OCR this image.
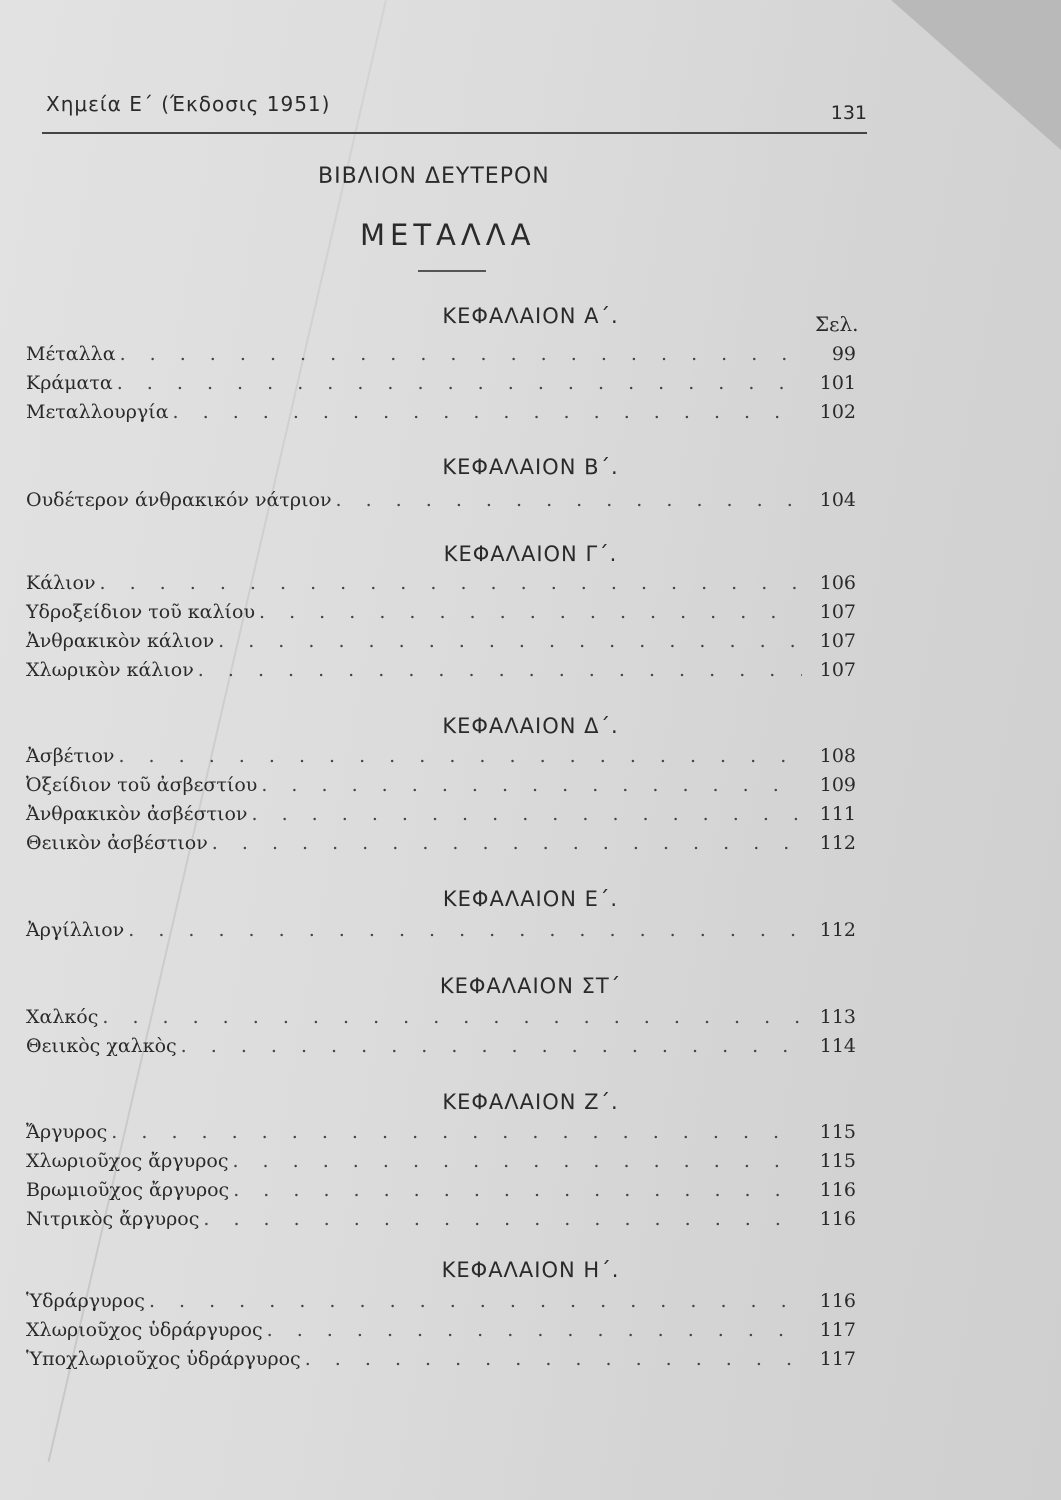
Χημεία Ε΄ (Έκδοσις 1951)	131
ΒΙΒΛΙΟΝ ΔΕΥΤΕΡΟΝ
ΜΕΤΑΛΛΑ
Σελ.
ΚΕΦΑΛΑΙΟΝ Α΄.
Μέταλλα . . .	99
Κράματα . . .	101
Μεταλλουργία . . .	102
ΚΕΦΑΛΑΙΟΝ Β΄.
Ουδέτερον άνθρακικόν νάτριον . . .	104
ΚΕΦΑΛΑΙΟΝ Γ΄.
Κάλιον . . .	106
Υδροξείδιον τοῦ καλίου . . .	107
Ἀνθρακικὸν κάλιον . . .	107
Χλωρικὸν κάλιον . . .	107
ΚΕΦΑΛΑΙΟΝ Δ΄.
Ἀσβέτιον . . .	108
Ὀξείδιον τοῦ ἀσβεστίου . . .	109
Ἀνθρακικὸν ἀσβέστιον . . .	111
Θειικὸν ἀσβέστιον . . .	112
ΚΕΦΑΛΑΙΟΝ Ε΄.
Ἀργίλλιον . . .	112
ΚΕΦΑΛΑΙΟΝ ΣΤ΄
Χαλκός . . .	113
Θειικὸς χαλκὸς . . .	114
ΚΕΦΑΛΑΙΟΝ Ζ΄.
Ἄργυρος . . .	115
Χλωριοῦχος ἄργυρος . . .	115
Βρωμιοῦχος ἄργυρος . . .	116
Νιτρικὸς ἄργυρος . . .	116
ΚΕΦΑΛΑΙΟΝ Η΄.
Ὑδράργυρος . . .	116
Χλωριοῦχος ὑδράργυρος . . .	117
Ὑποχλωριοῦχος ὑδράργυρος . . .	117
